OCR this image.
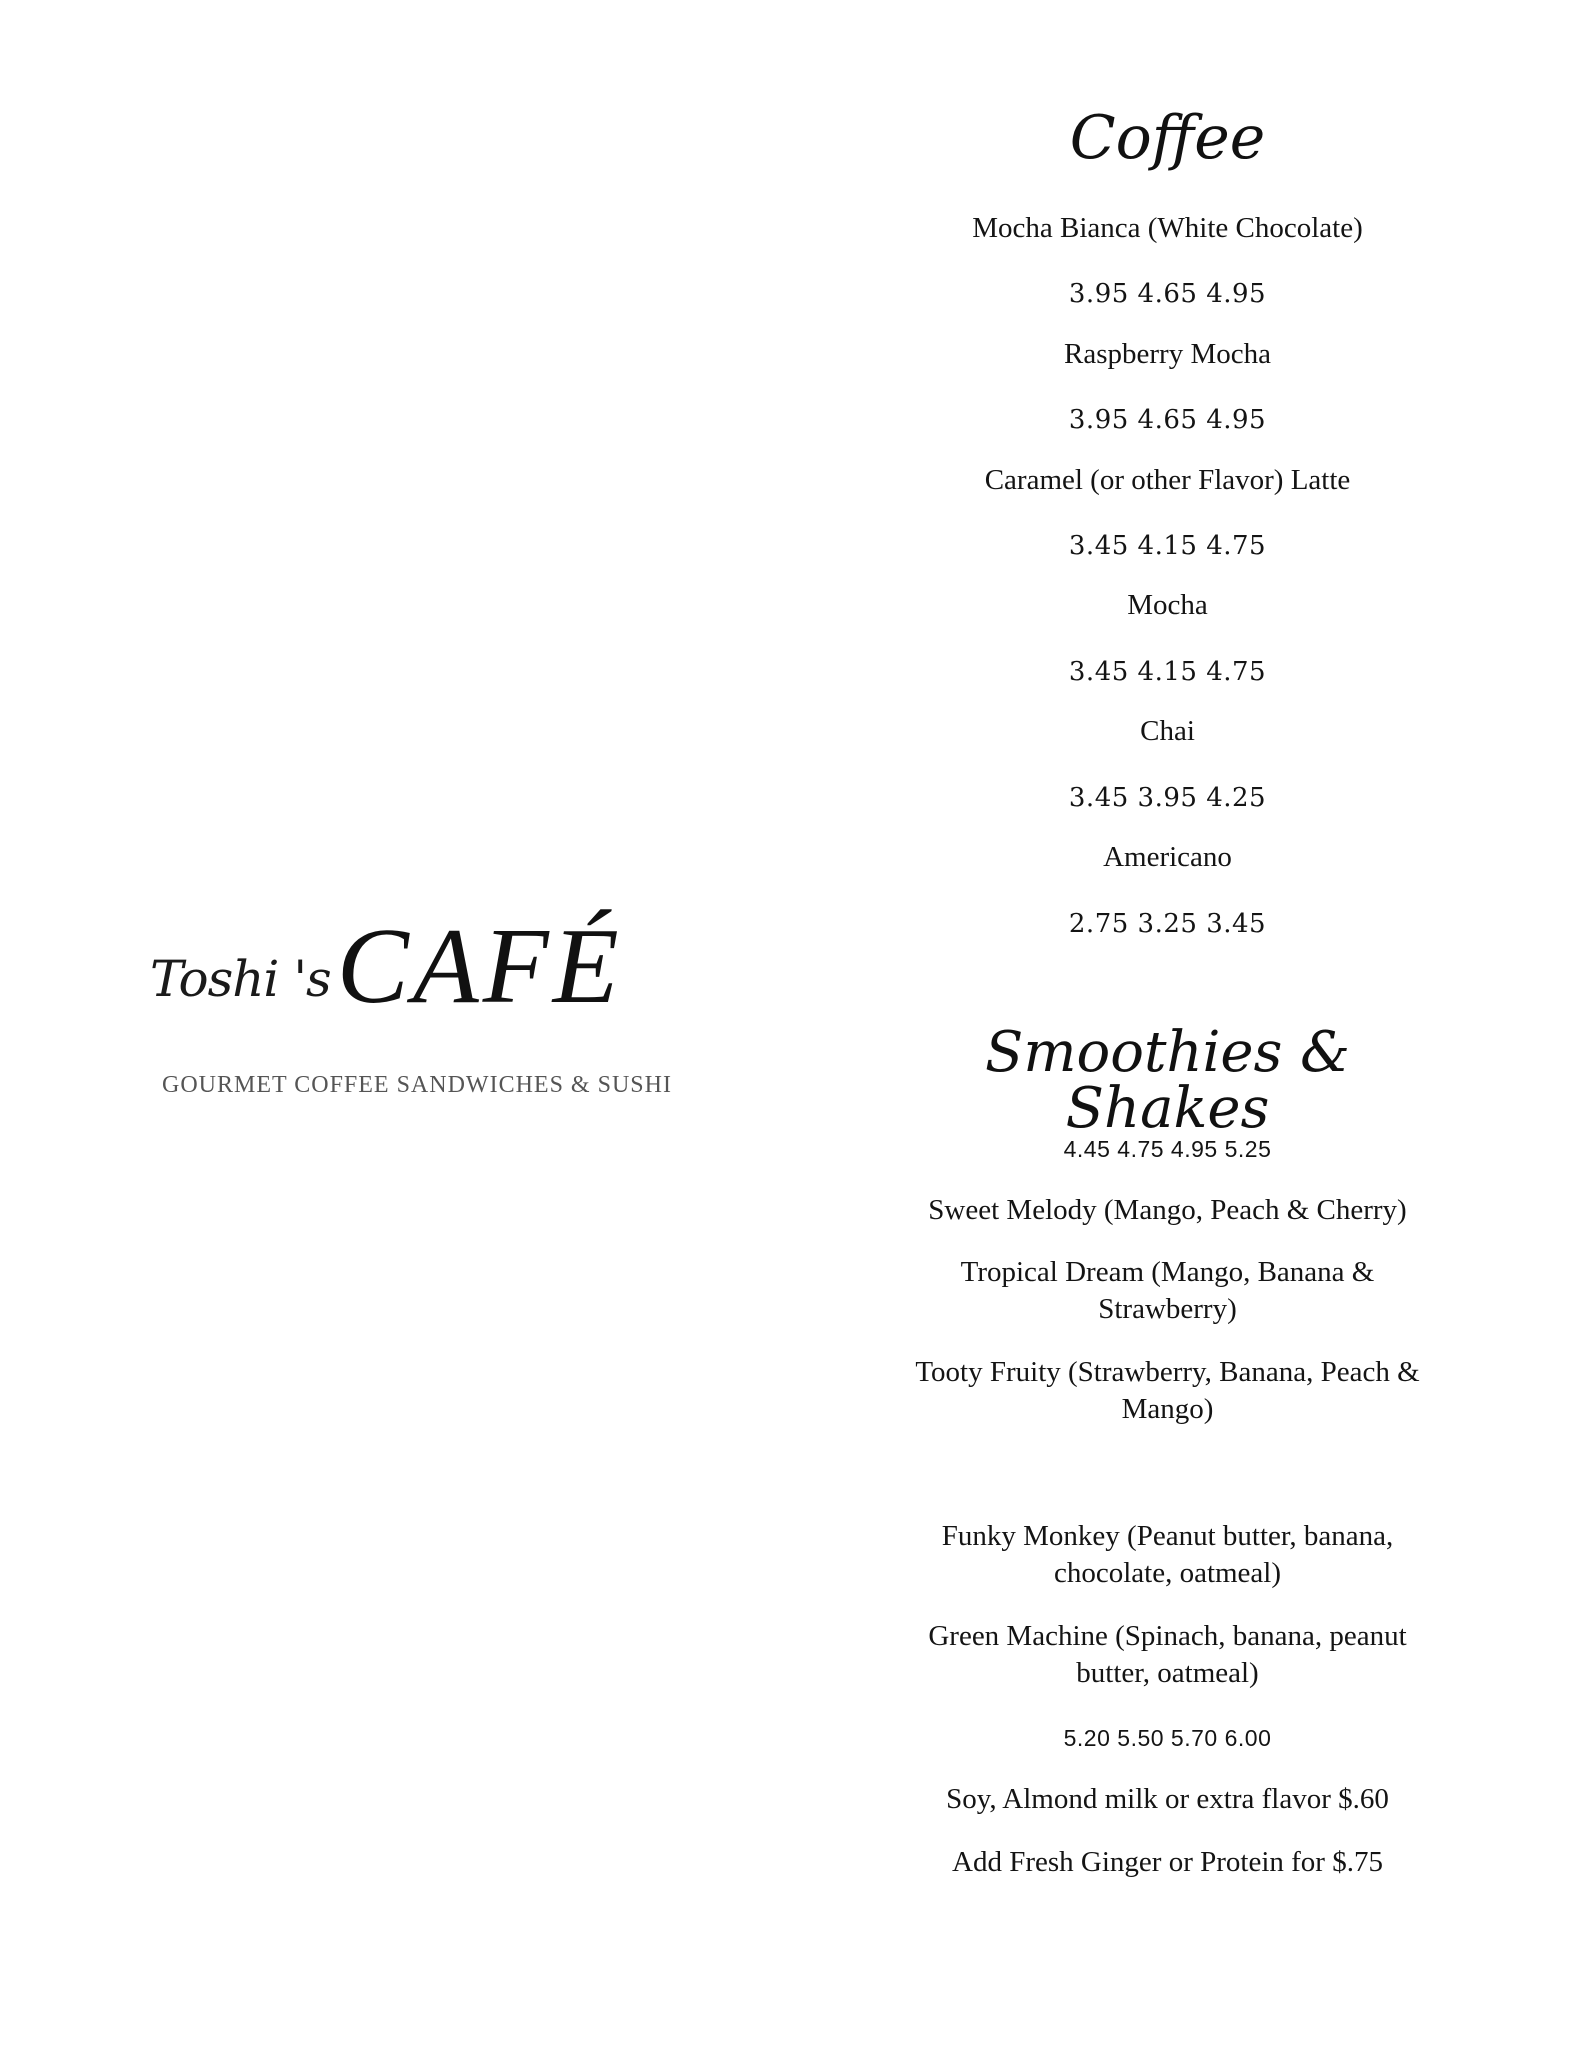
Toshi 'sCAFÉ
GOURMET COFFEE SANDWICHES & SUSHI
Coffee
Mocha Bianca (White Chocolate)
3.95 4.65 4.95
Raspberry Mocha
3.95 4.65 4.95
Caramel (or other Flavor) Latte
3.45 4.15 4.75
Mocha
3.45 4.15 4.75
Chai
3.45 3.95 4.25
Americano
2.75 3.25 3.45
Smoothies & Shakes
4.45 4.75 4.95 5.25
Sweet Melody (Mango, Peach & Cherry)
Tropical Dream (Mango, Banana & Strawberry)
Tooty Fruity (Strawberry, Banana, Peach & Mango)
Funky Monkey (Peanut butter, banana, chocolate, oatmeal)
Green Machine (Spinach, banana, peanut butter, oatmeal)
5.20 5.50 5.70 6.00
Soy, Almond milk or extra flavor $.60
Add Fresh Ginger or Protein for $.75
